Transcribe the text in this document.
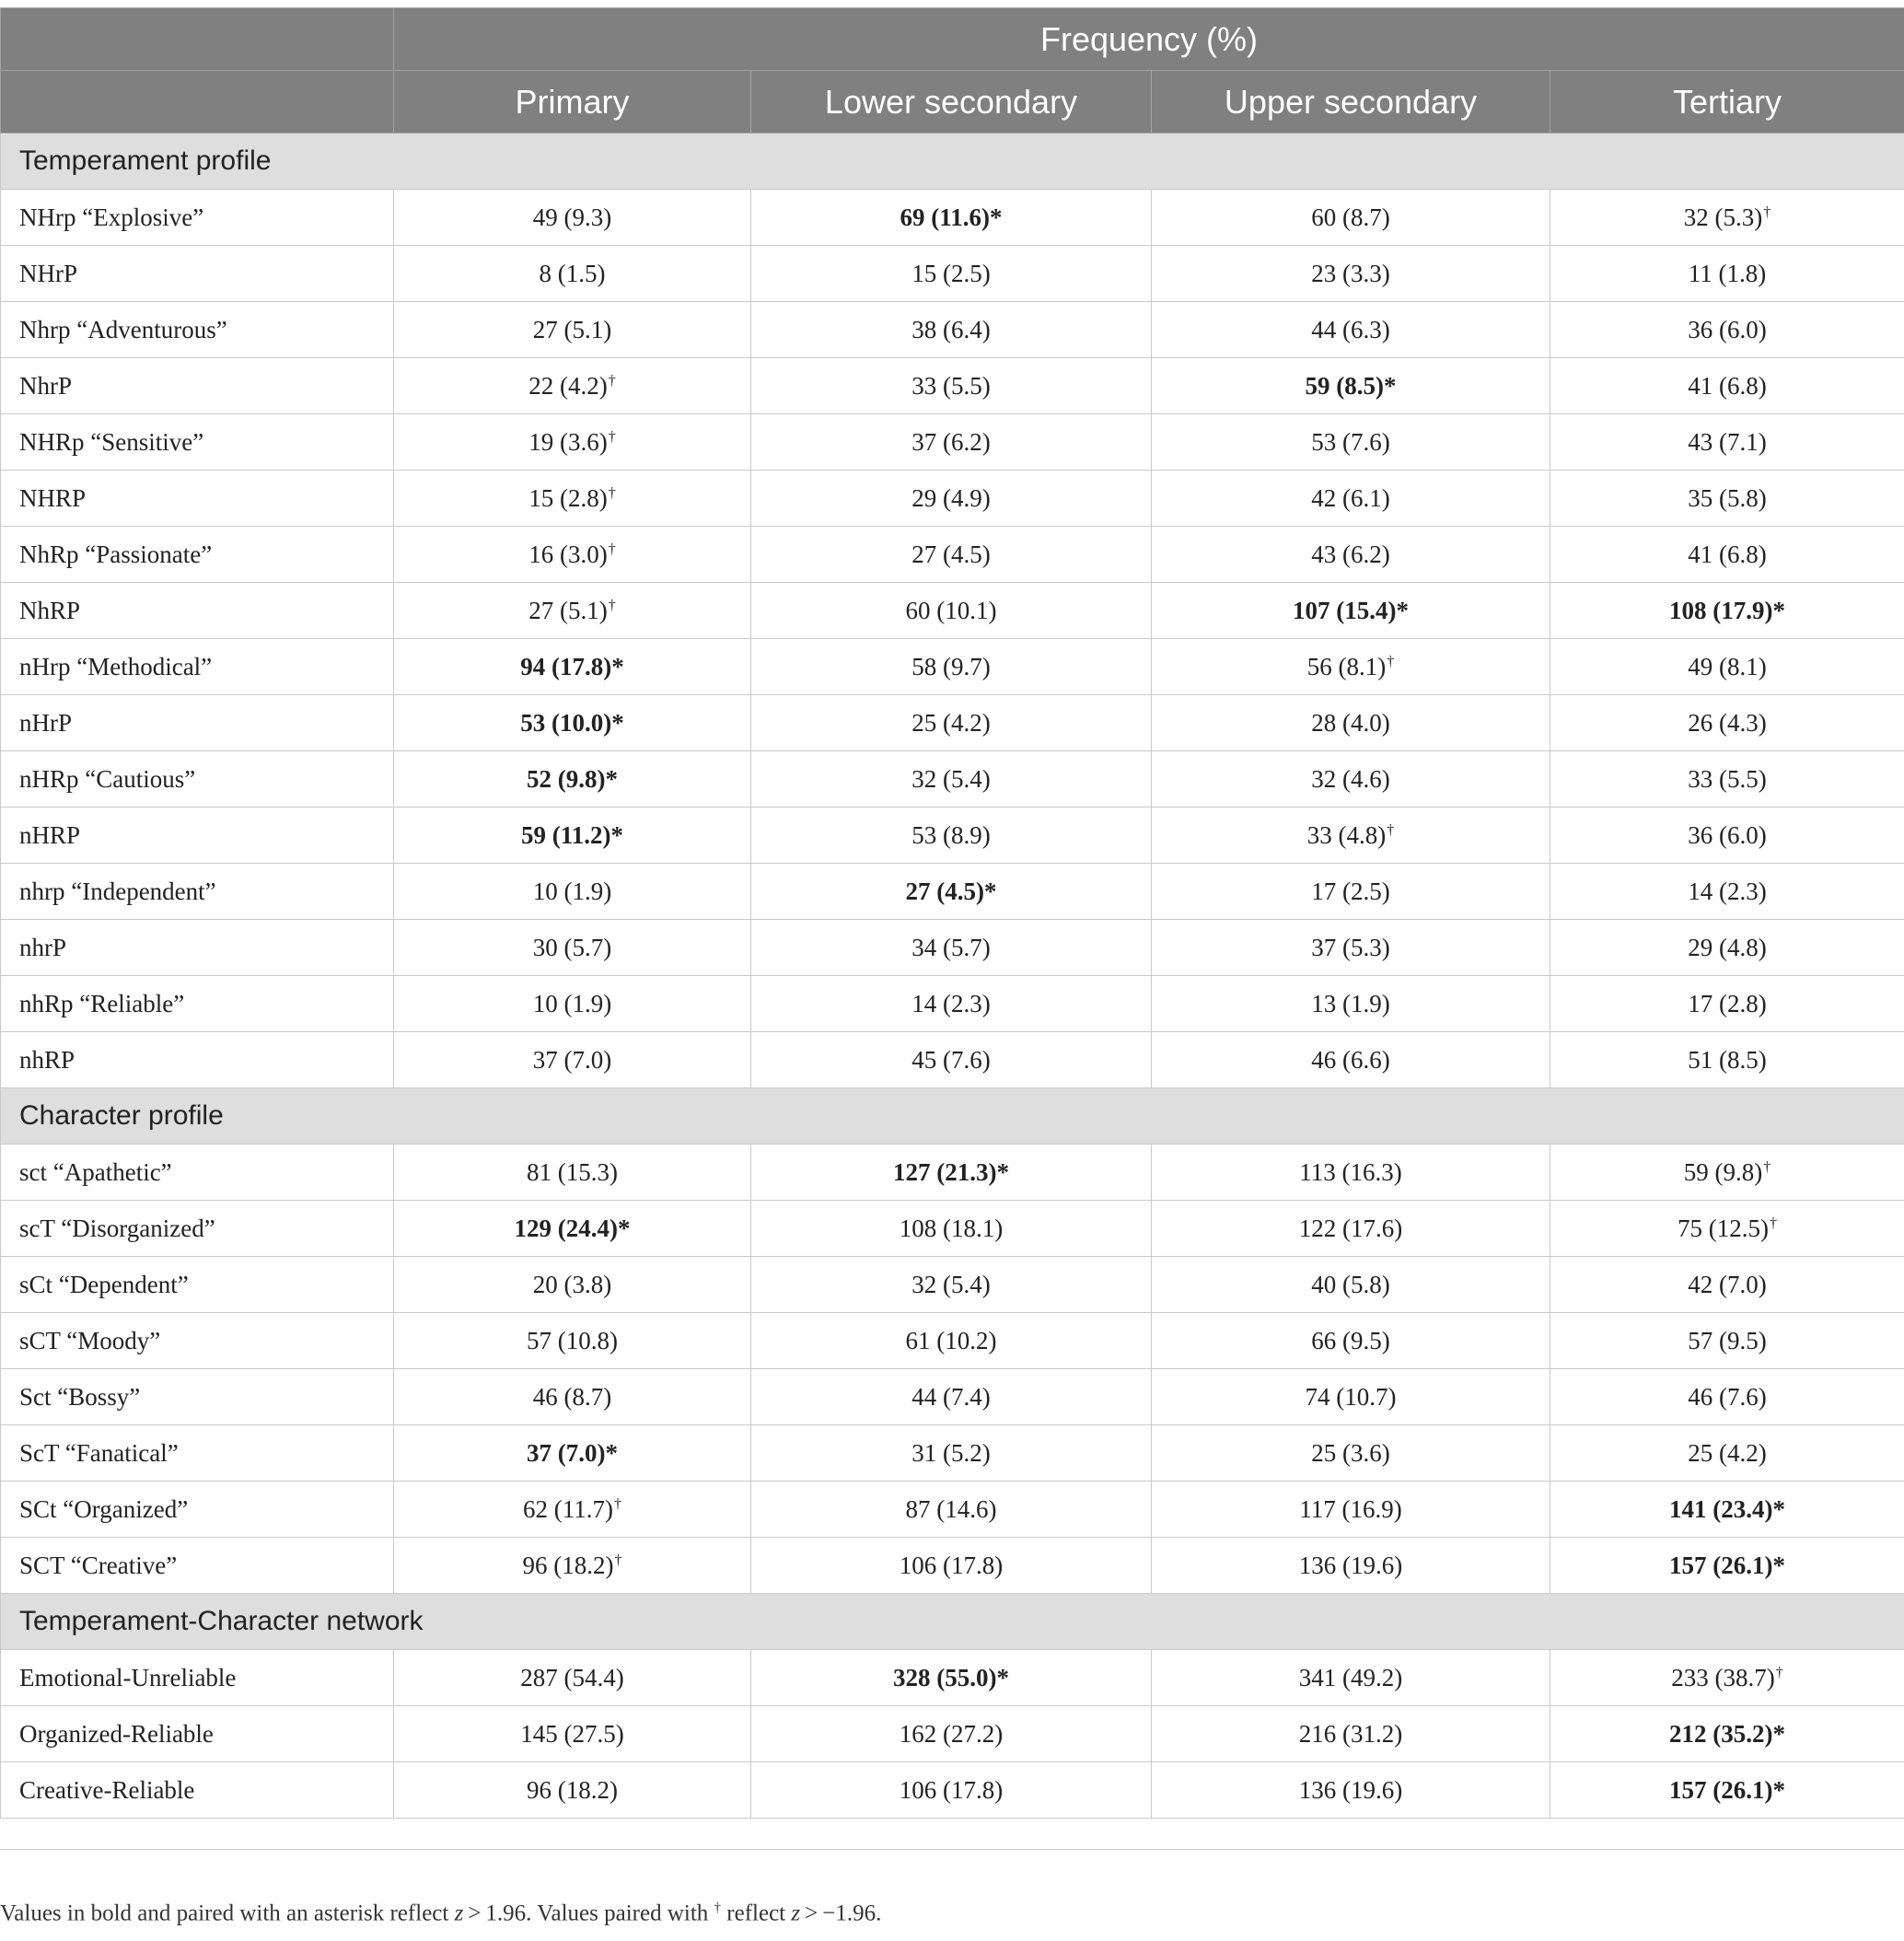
	Frequency (%)			
	Primary	Lower secondary	Upper secondary	Tertiary
Temperament profile				
NHrp “Explosive”	49 (9.3)	69 (11.6)*	60 (8.7)	32 (5.3)†
NHrP	8 (1.5)	15 (2.5)	23 (3.3)	11 (1.8)
Nhrp “Adventurous”	27 (5.1)	38 (6.4)	44 (6.3)	36 (6.0)
NhrP	22 (4.2)†	33 (5.5)	59 (8.5)*	41 (6.8)
NHRp “Sensitive”	19 (3.6)†	37 (6.2)	53 (7.6)	43 (7.1)
NHRP	15 (2.8)†	29 (4.9)	42 (6.1)	35 (5.8)
NhRp “Passionate”	16 (3.0)†	27 (4.5)	43 (6.2)	41 (6.8)
NhRP	27 (5.1)†	60 (10.1)	107 (15.4)*	108 (17.9)*
nHrp “Methodical”	94 (17.8)*	58 (9.7)	56 (8.1)†	49 (8.1)
nHrP	53 (10.0)*	25 (4.2)	28 (4.0)	26 (4.3)
nHRp “Cautious”	52 (9.8)*	32 (5.4)	32 (4.6)	33 (5.5)
nHRP	59 (11.2)*	53 (8.9)	33 (4.8)†	36 (6.0)
nhrp “Independent”	10 (1.9)	27 (4.5)*	17 (2.5)	14 (2.3)
nhrP	30 (5.7)	34 (5.7)	37 (5.3)	29 (4.8)
nhRp “Reliable”	10 (1.9)	14 (2.3)	13 (1.9)	17 (2.8)
nhRP	37 (7.0)	45 (7.6)	46 (6.6)	51 (8.5)
Character profile				
sct “Apathetic”	81 (15.3)	127 (21.3)*	113 (16.3)	59 (9.8)†
scT “Disorganized”	129 (24.4)*	108 (18.1)	122 (17.6)	75 (12.5)†
sCt “Dependent”	20 (3.8)	32 (5.4)	40 (5.8)	42 (7.0)
sCT “Moody”	57 (10.8)	61 (10.2)	66 (9.5)	57 (9.5)
Sct “Bossy”	46 (8.7)	44 (7.4)	74 (10.7)	46 (7.6)
ScT “Fanatical”	37 (7.0)*	31 (5.2)	25 (3.6)	25 (4.2)
SCt “Organized”	62 (11.7)†	87 (14.6)	117 (16.9)	141 (23.4)*
SCT “Creative”	96 (18.2)†	106 (17.8)	136 (19.6)	157 (26.1)*
Temperament-Character network				
Emotional-Unreliable	287 (54.4)	328 (55.0)*	341 (49.2)	233 (38.7)†
Organized-Reliable	145 (27.5)	162 (27.2)	216 (31.2)	212 (35.2)*
Creative-Reliable	96 (18.2)	106 (17.8)	136 (19.6)	157 (26.1)*
Values in bold and paired with an asterisk reflect z > 1.96. Values paired with † reflect z > −1.96.
